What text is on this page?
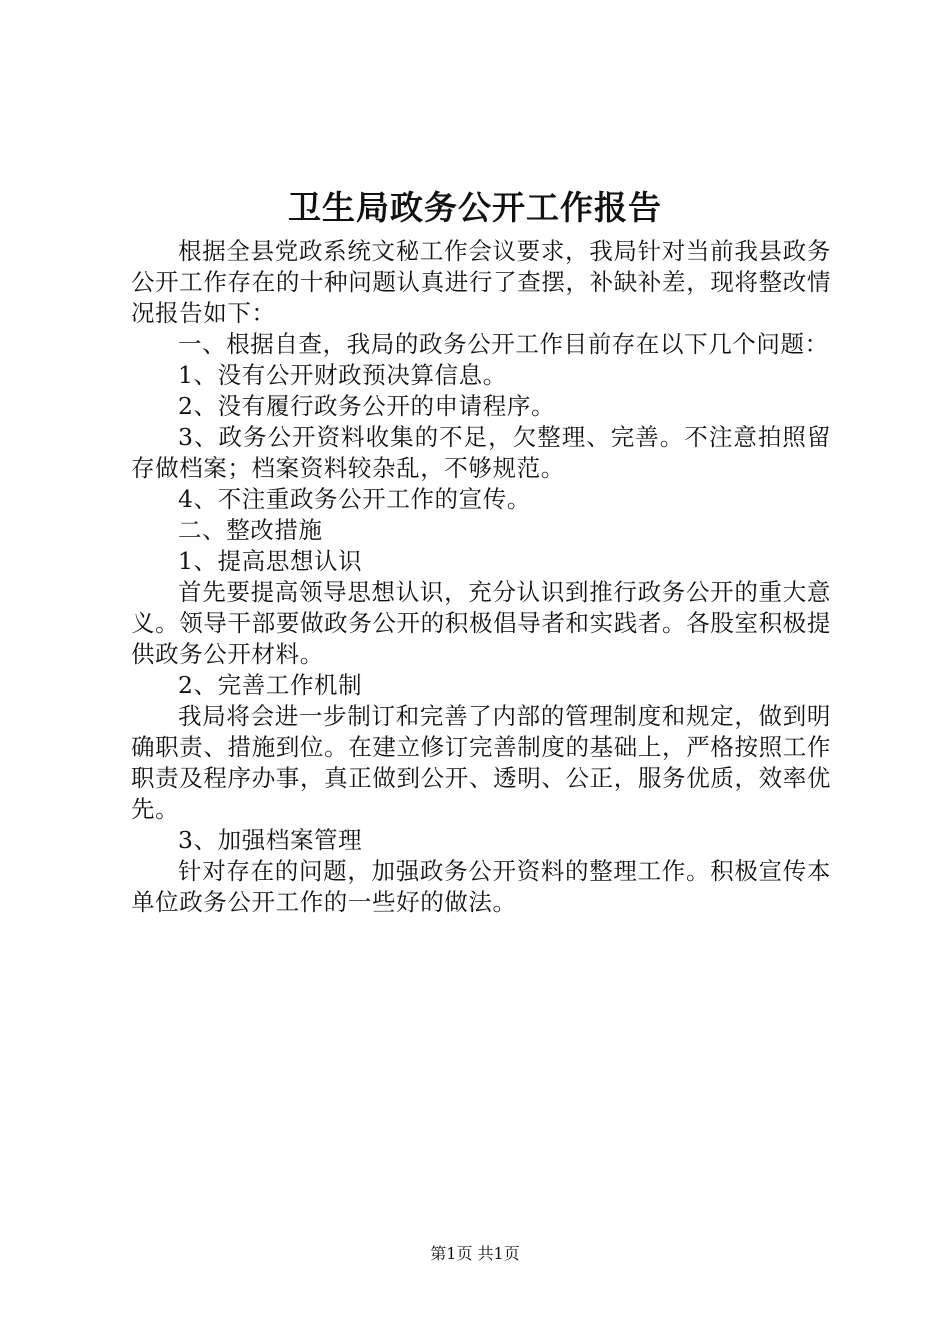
卫生局政务公开工作报告

根据全县党政系统文秘工作会议要求，我局针对当前我县政务公开工作存在的十种问题认真进行了查摆，补缺补差，现将整改情况报告如下：

一、根据自查，我局的政务公开工作目前存在以下几个问题：

1、没有公开财政预决算信息。

2、没有履行政务公开的申请程序。

3、政务公开资料收集的不足，欠整理、完善。不注意拍照留存做档案；档案资料较杂乱，不够规范。

4、不注重政务公开工作的宣传。

二、整改措施

1、提高思想认识

首先要提高领导思想认识，充分认识到推行政务公开的重大意义。领导干部要做政务公开的积极倡导者和实践者。各股室积极提供政务公开材料。

2、完善工作机制

我局将会进一步制订和完善了内部的管理制度和规定，做到明确职责、措施到位。在建立修订完善制度的基础上，严格按照工作职责及程序办事，真正做到公开、透明、公正，服务优质，效率优先。

3、加强档案管理

针对存在的问题，加强政务公开资料的整理工作。积极宣传本单位政务公开工作的一些好的做法。

第1页 共1页
